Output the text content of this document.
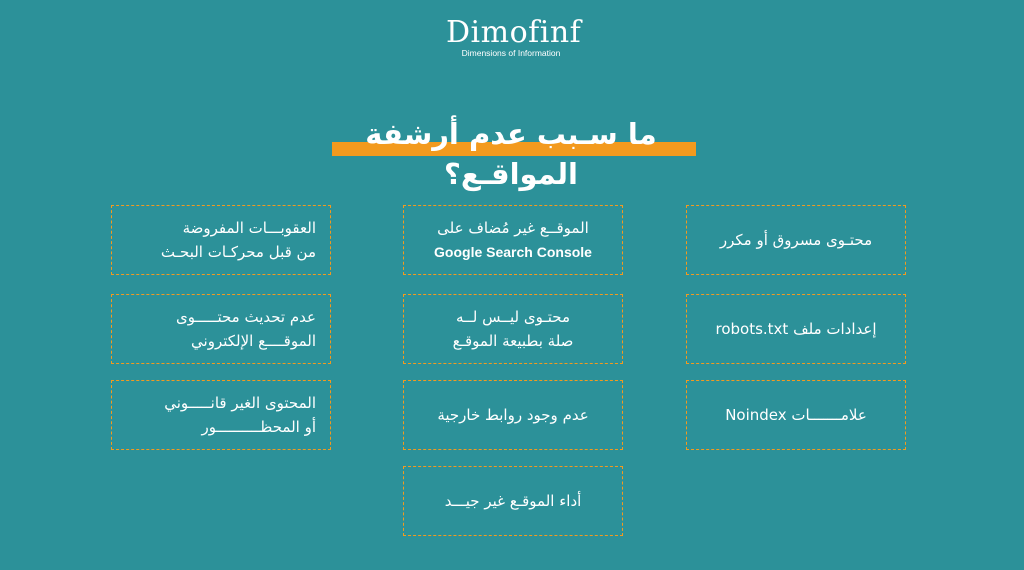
Dimofinf
Dimensions of Information
ما سـبب عدم أرشفة المواقـع؟
محتـوى مسروق أو مكرر
إعدادات ملف robots.txt
علامـــــــات Noindex
الموقــع غير مُضاف على
Google Search Console
محتـوى ليــس لــه
صلة بطبيعة الموقـع
عدم وجود روابط خارجية
أداء الموقـع غير جيـــد
العقوبـــات المفروضة
من قبل محركـات البحـث
عدم تحديث محتـــــوى
الموقــــع الإلكتروني
المحتوى الغير قانـــــوني
أو المحظــــــــــور
